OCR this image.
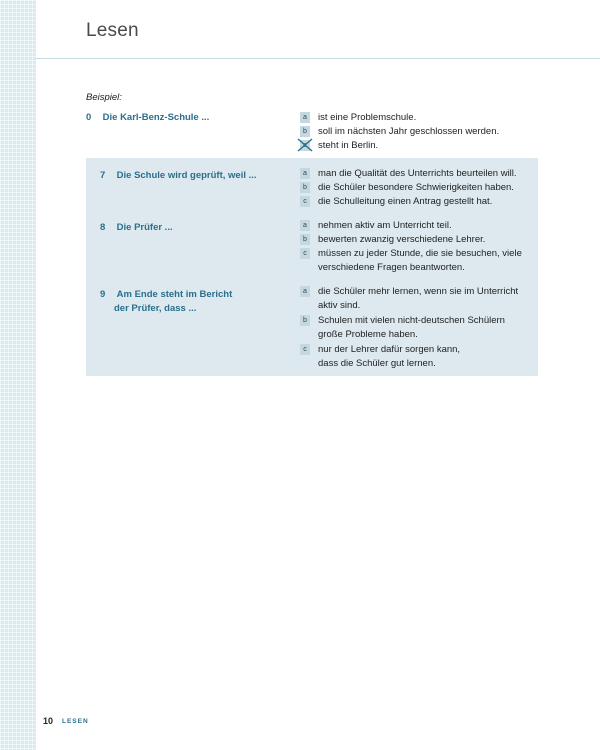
Lesen
Beispiel:
0 Die Karl-Benz-Schule ...	a	ist eine Problemschule.
b	soll im nächsten Jahr geschlossen werden.
steht in Berlin.
7 Die Schule wird geprüft, weil ...	a	man die Qualität des Unterrichts beurteilen will.
b	die Schüler besondere Schwierigkeiten haben.
c	die Schulleitung einen Antrag gestellt hat.
8 Die Prüfer ...	a	nehmen aktiv am Unterricht teil.
b	bewerten zwanzig verschiedene Lehrer.
c	müssen zu jeder Stunde, die sie besuchen, viele verschiedene Fragen beantworten.
9 Am Ende steht im Bericht
der Prüfer, dass ...
a	die Schüler mehr lernen, wenn sie im Unterricht aktiv sind.
b	Schulen mit vielen nicht-deutschen Schülern große Probleme haben.
c	nur der Lehrer dafür sorgen kann, dass die Schüler gut lernen.
10 LESEN
